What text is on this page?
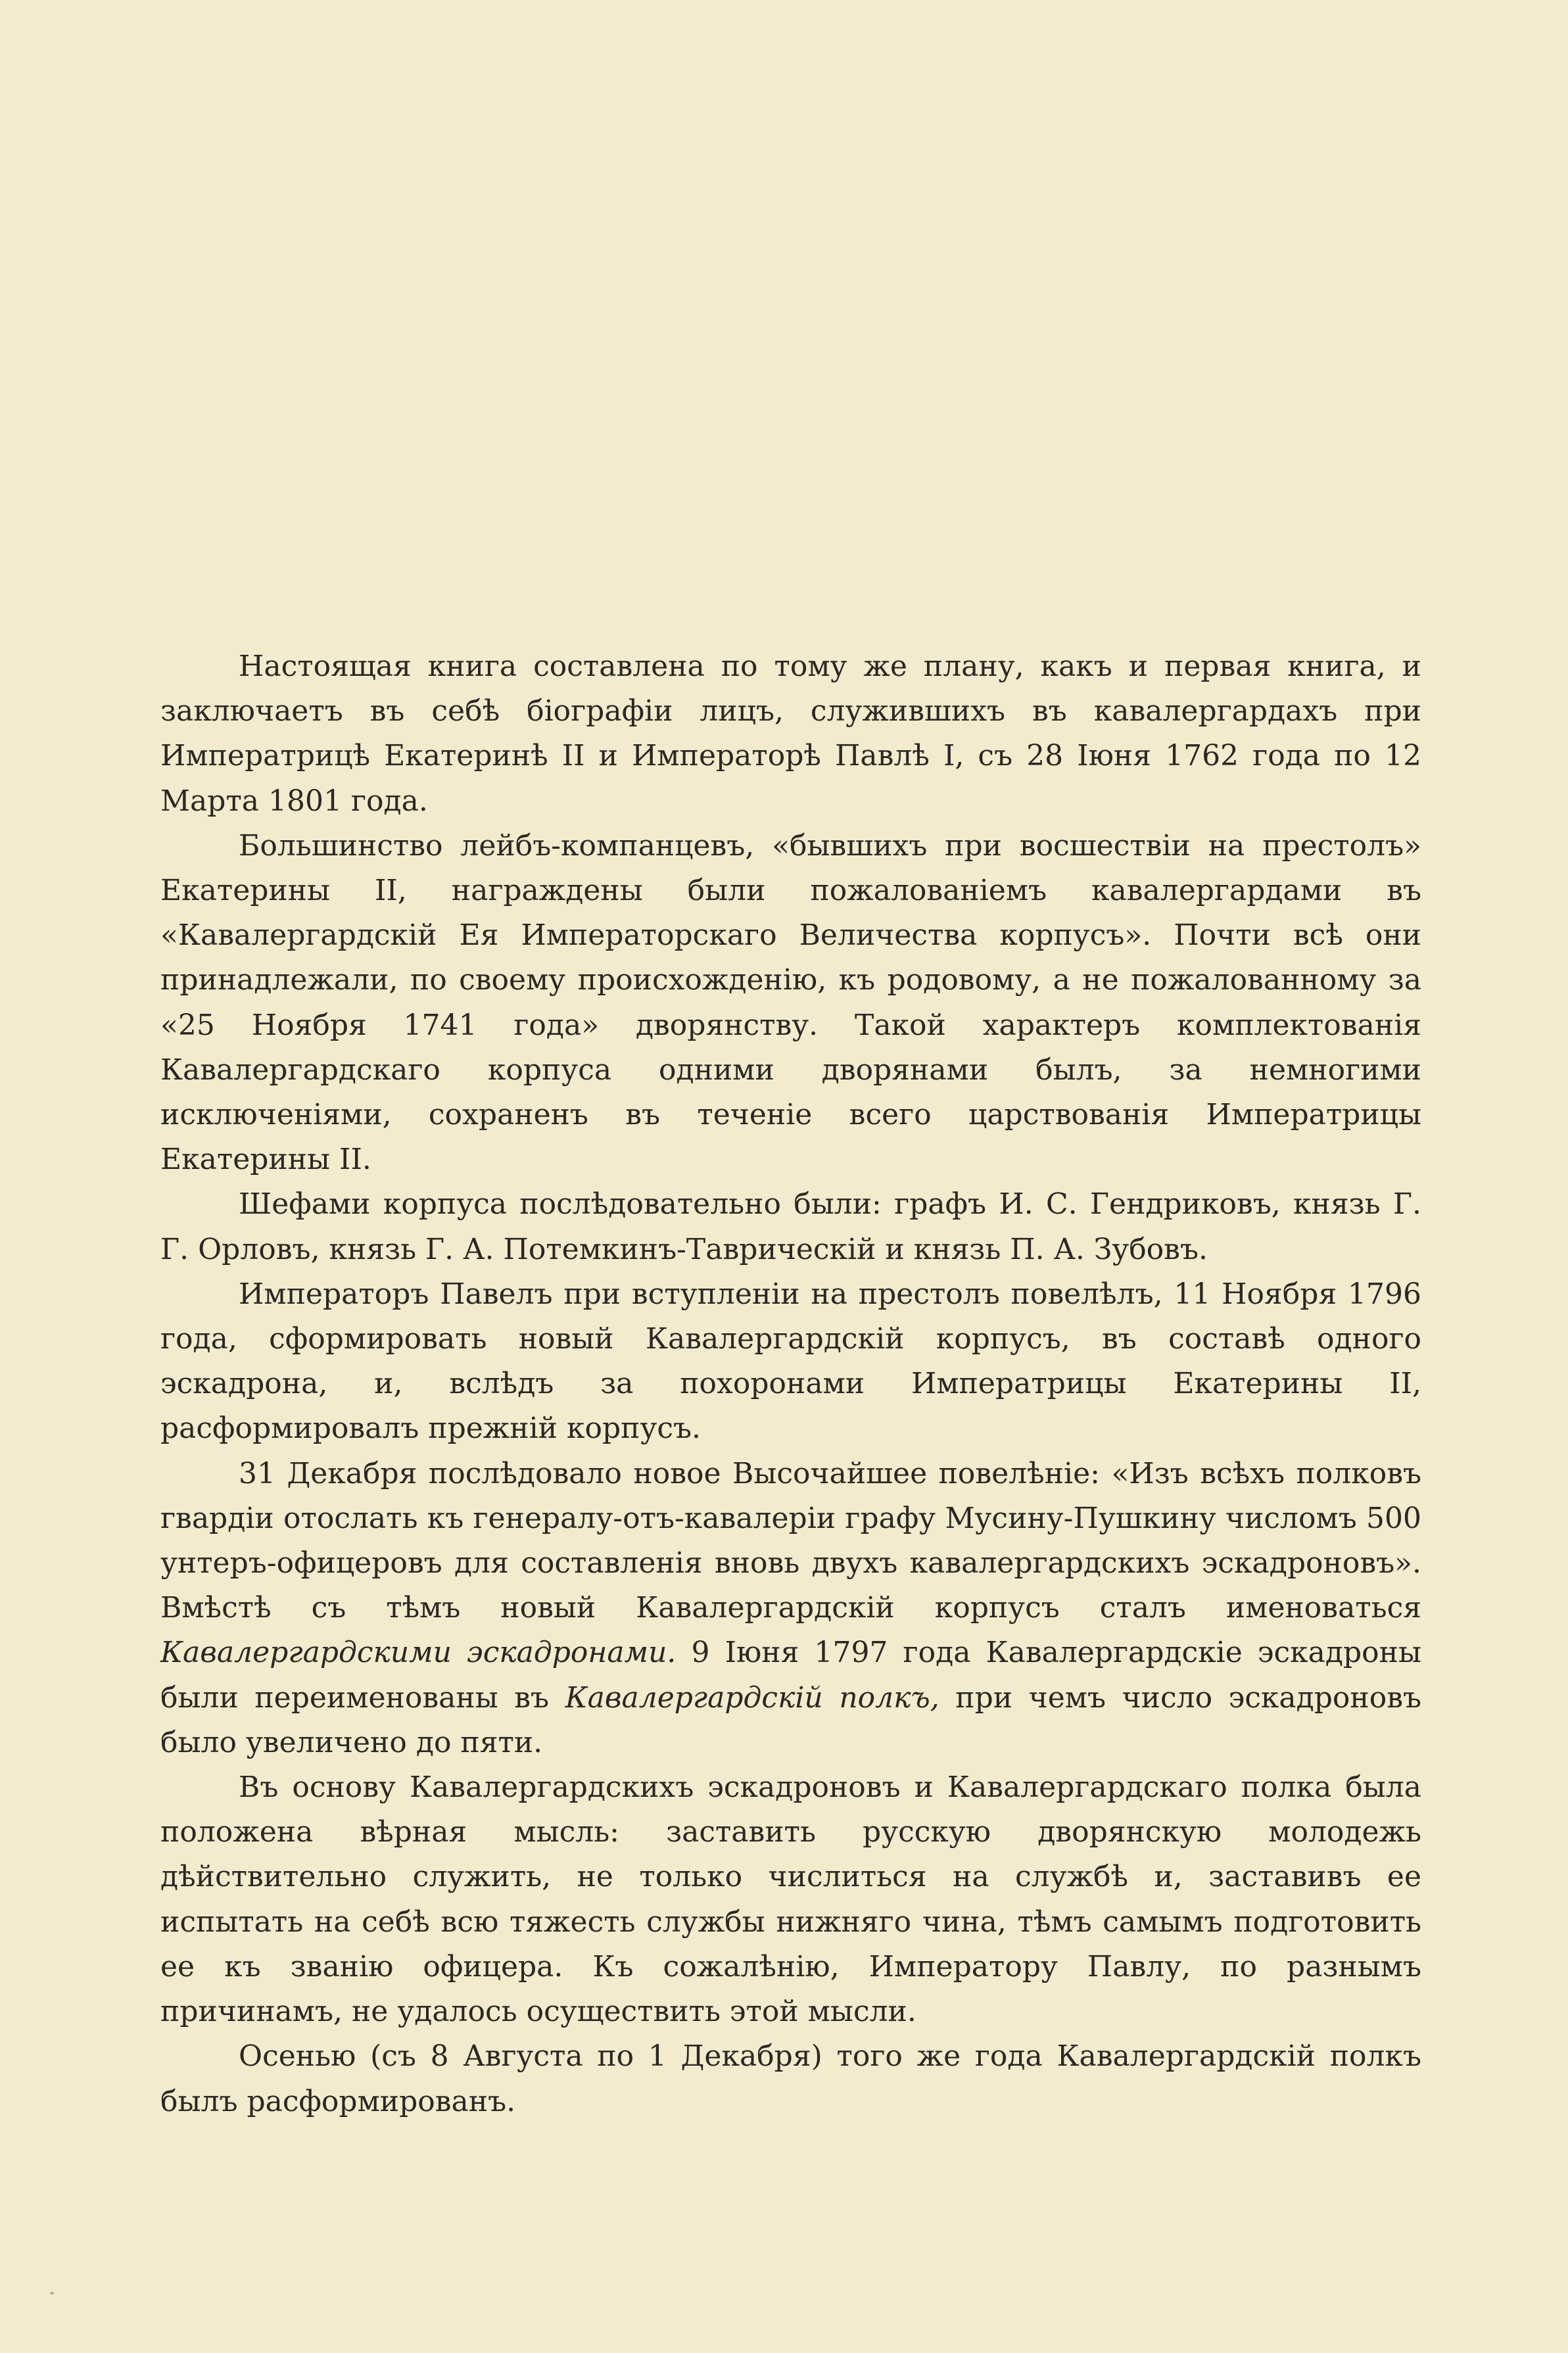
Настоящая книга составлена по тому же плану, какъ и первая книга, и заключаетъ въ себѣ біографіи лицъ, служившихъ въ кавалергардахъ при Императрицѣ Екатеринѣ II и Императорѣ Павлѣ I, съ 28 Іюня 1762 года по 12 Марта 1801 года.

Большинство лейбъ-компанцевъ, «бывшихъ при восшествіи на престолъ» Екатерины II, награждены были пожалованіемъ кавалергардами въ «Кавалергардскій Ея Императорскаго Величества корпусъ». Почти всѣ они принадлежали, по своему происхожденію, къ родовому, а не пожалованному за «25 Ноября 1741 года» дворянству. Такой характеръ комплектованія Кавалергардскаго корпуса одними дворянами былъ, за немногими исключеніями, сохраненъ въ теченіе всего царствованія Императрицы Екатерины II.

Шефами корпуса послѣдовательно были: графъ И. С. Гендриковъ, князь Г. Г. Орловъ, князь Г. А. Потемкинъ-Таврическій и князь П. А. Зубовъ.

Императоръ Павелъ при вступленіи на престолъ повелѣлъ, 11 Ноября 1796 года, сформировать новый Кавалергардскій корпусъ, въ составѣ одного эскадрона, и, вслѣдъ за похоронами Императрицы Екатерины II, расформировалъ прежній корпусъ.

31 Декабря послѣдовало новое Высочайшее повелѣніе: «Изъ всѣхъ полковъ гвардіи отослать къ генералу-отъ-кавалеріи графу Мусину-Пушкину числомъ 500 унтеръ-офицеровъ для составленія вновь двухъ кавалергардскихъ эскадроновъ». Вмѣстѣ съ тѣмъ новый Кавалергардскій корпусъ сталъ именоваться Кавалергардскими эскадронами. 9 Іюня 1797 года Кавалергардскіе эскадроны были переименованы въ Кавалергардскій полкъ, при чемъ число эскадроновъ было увеличено до пяти.

Въ основу Кавалергардскихъ эскадроновъ и Кавалергардскаго полка была положена вѣрная мысль: заставить русскую дворянскую молодежь дѣйствительно служить, не только числиться на службѣ и, заставивъ ее испытать на себѣ всю тяжесть службы нижняго чина, тѣмъ самымъ подготовить ее къ званію офицера. Къ сожалѣнію, Императору Павлу, по разнымъ причинамъ, не удалось осуществить этой мысли.

Осенью (съ 8 Августа по 1 Декабря) того же года Кавалергардскій полкъ былъ расформированъ.
